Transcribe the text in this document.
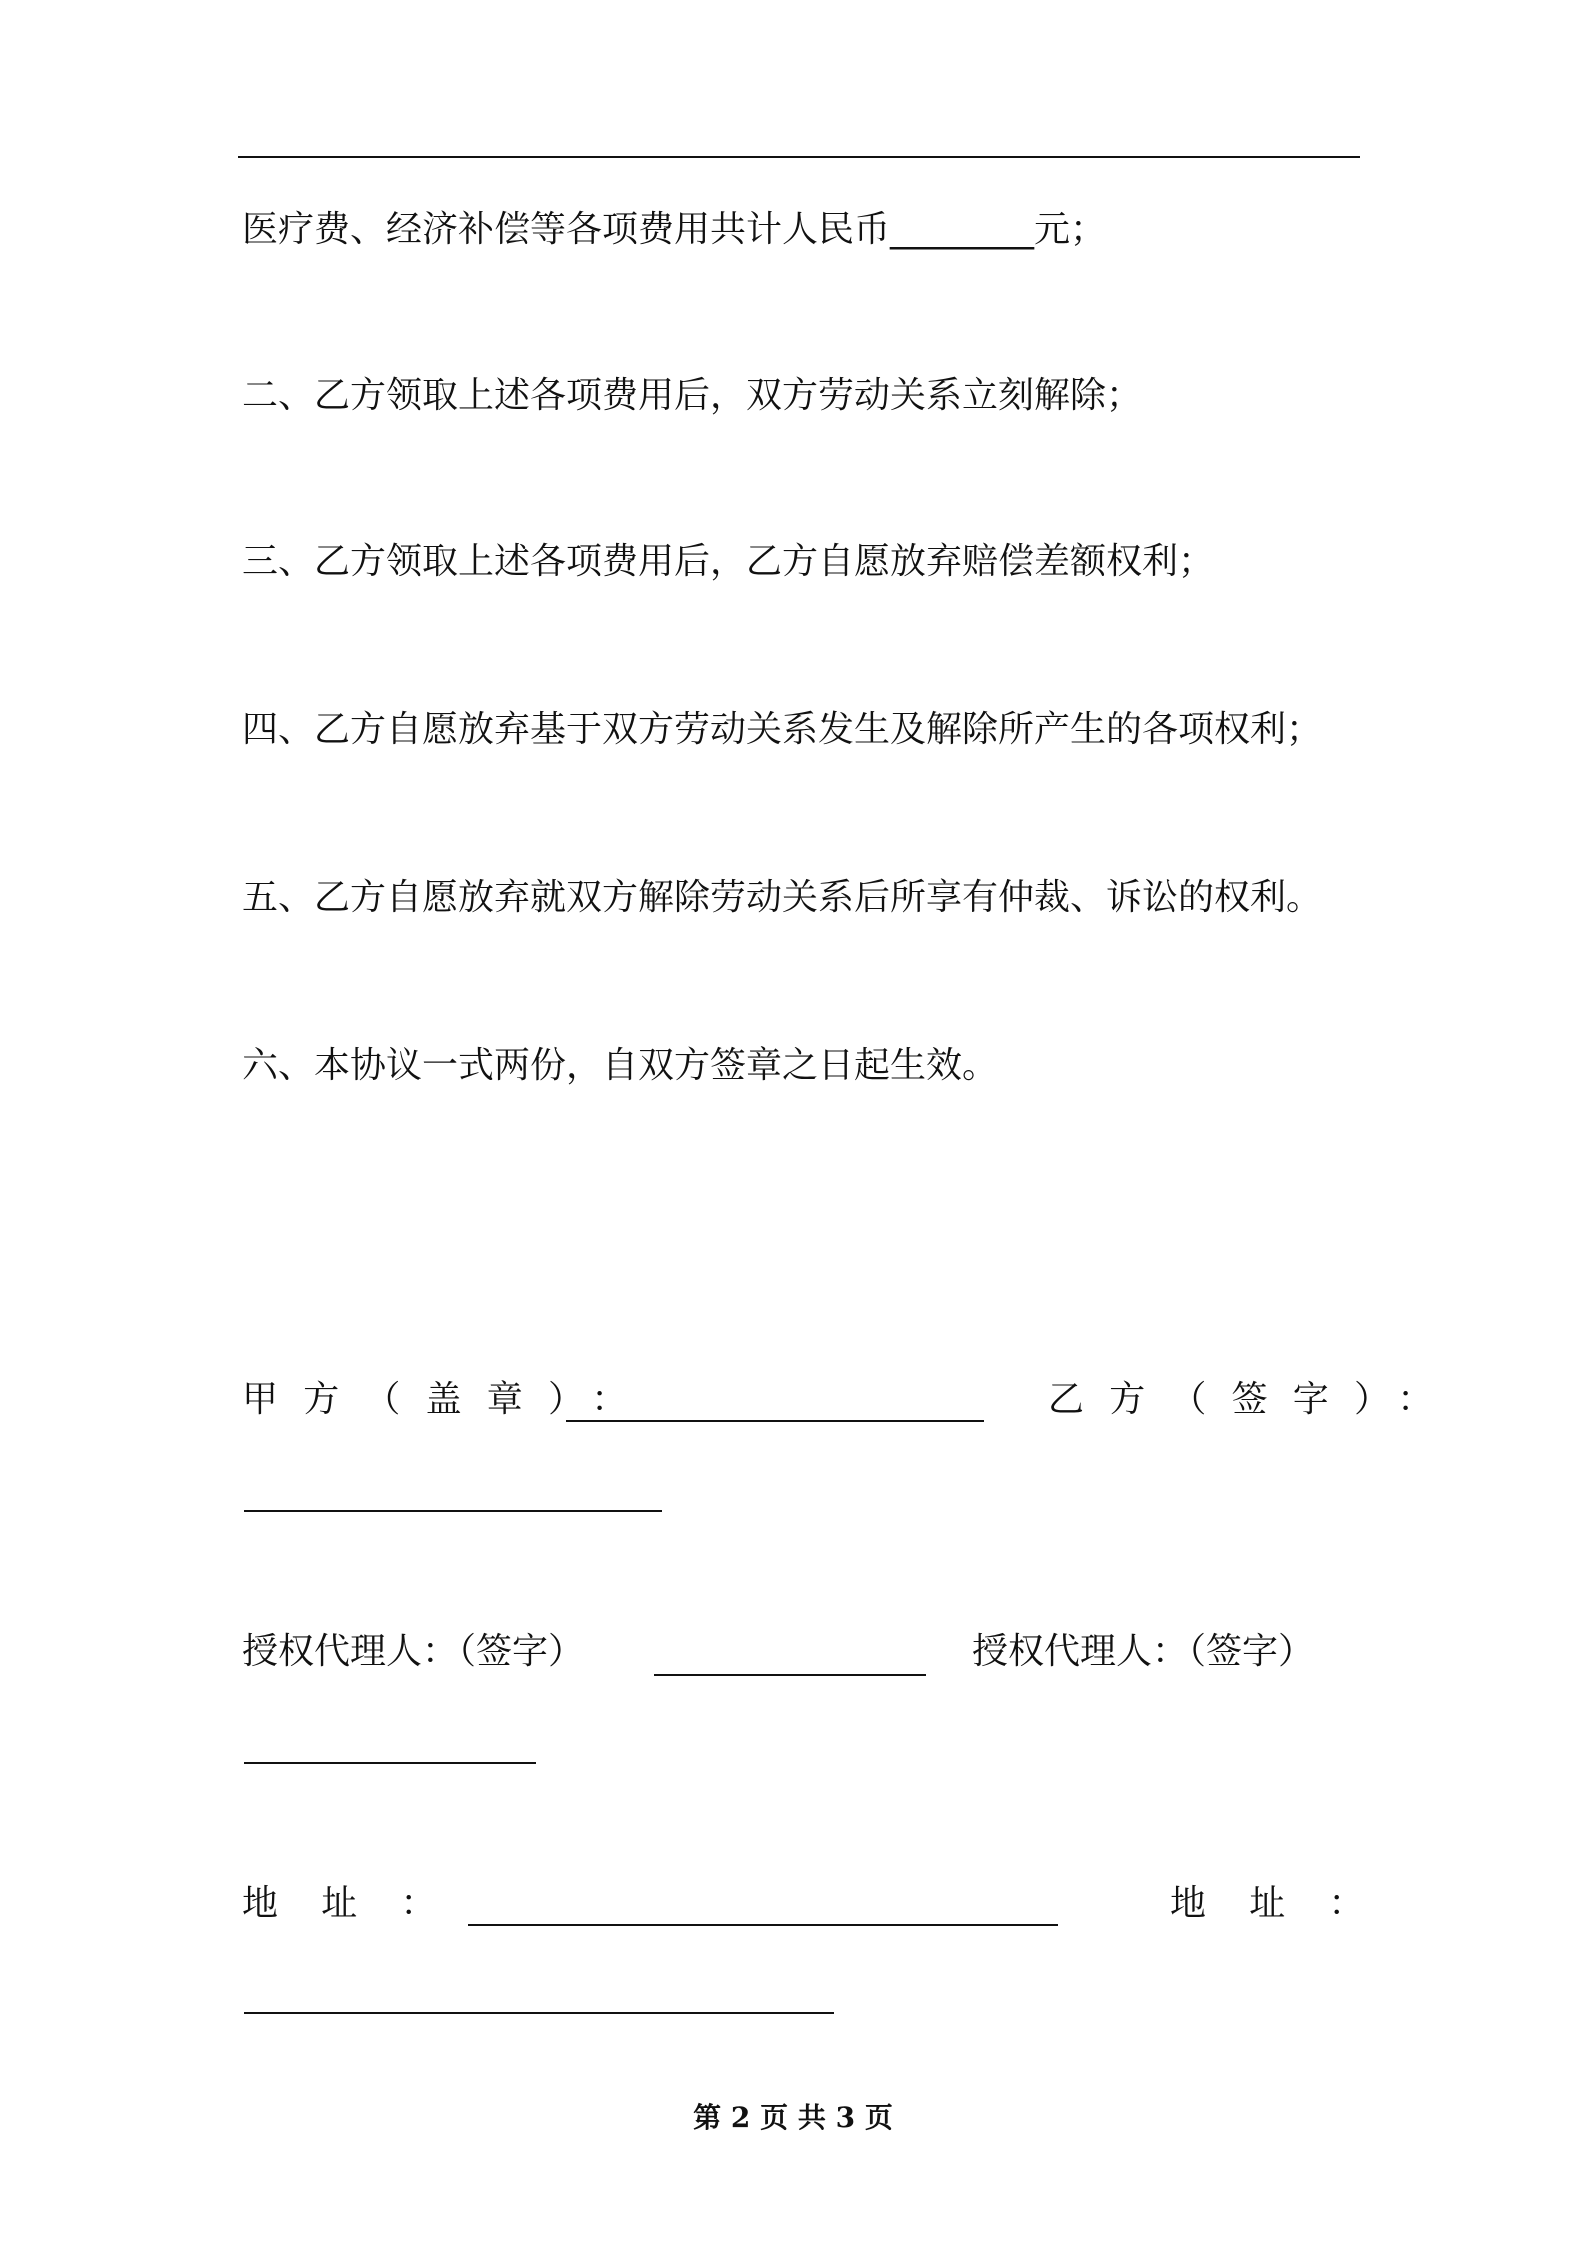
医疗费、经济补偿等各项费用共计人民币________元；
二、乙方领取上述各项费用后，双方劳动关系立刻解除；
三、乙方领取上述各项费用后，乙方自愿放弃赔偿差额权利；
四、乙方自愿放弃基于双方劳动关系发生及解除所产生的各项权利；
五、乙方自愿放弃就双方解除劳动关系后所享有仲裁、诉讼的权利。
六、本协议一式两份，自双方签章之日起生效。
甲方（盖章）：	乙方（签字）：
授权代理人：（签字）	授权代理人：（签字）
地址：	地址：
第 2 页 共 3 页
